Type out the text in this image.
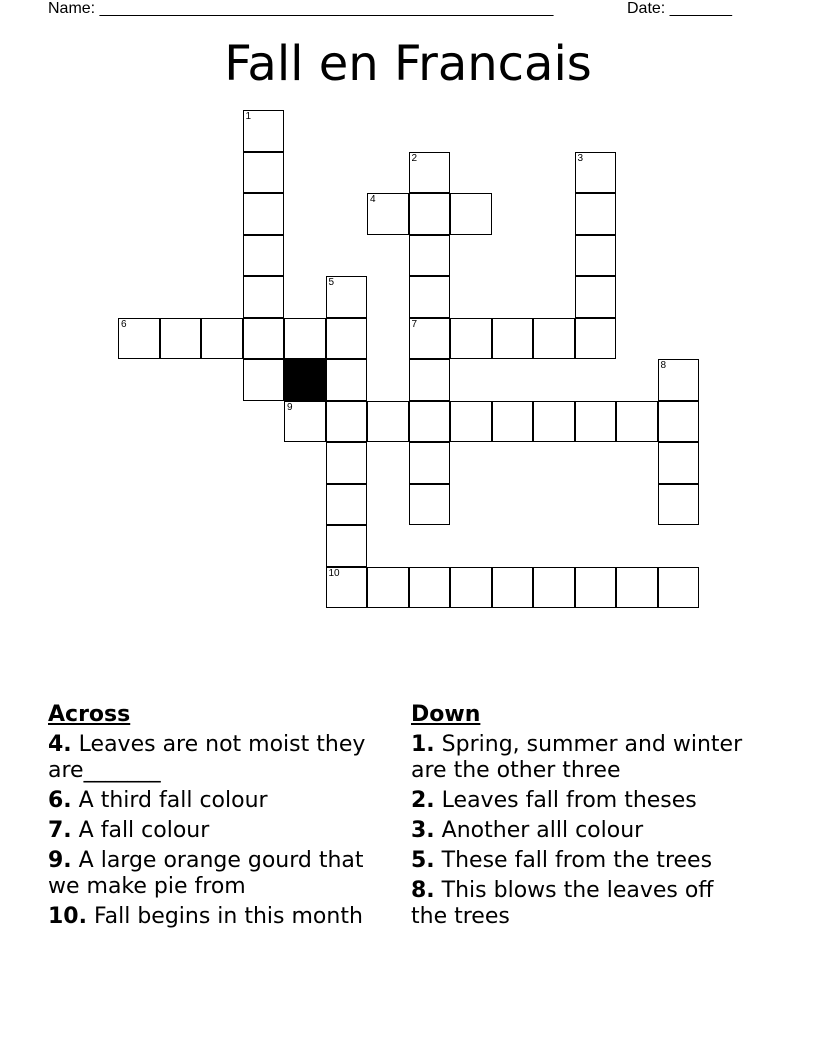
Name: ___________________________________________________	Date: _______
Fall en Francais
1
2	3
4
5
6	7
8
9
10
Across
4. Leaves are not moist they are_______
6. A third fall colour
7. A fall colour
9. A large orange gourd that we make pie from
10. Fall begins in this month
Down
1. Spring, summer and winter are the other three
2. Leaves fall from theses
3. Another alll colour
5. These fall from the trees
8. This blows the leaves off the trees
